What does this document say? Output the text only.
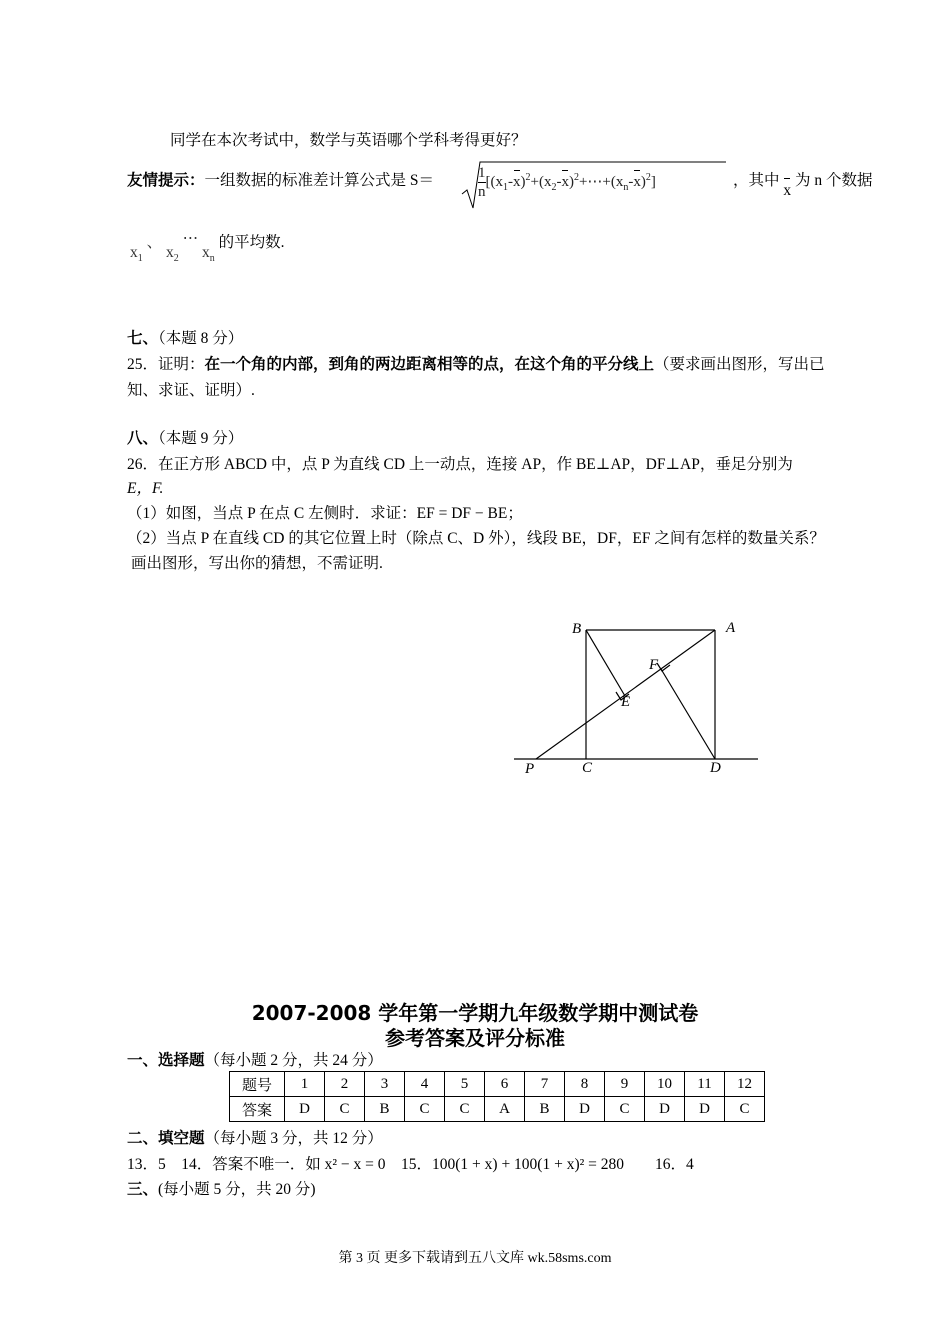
同学在本次考试中，数学与英语哪个学科考得更好？
友情提示：一组数据的标准差计算公式是 S＝	$\frac{1}{n}$ $[(x_1-x)^2+(x_2-x)^2+\cdots+(x_n-x)^2]$	，其中 x 为 n 个数据
$x_1$ 、 $x_2$ ⋯ $x_n$ 的平均数.
七、（本题 8 分）
25．证明：在一个角的内部，到角的两边距离相等的点，在这个角的平分线上（要求画出图形，写出已
知、求证、证明）.
八、（本题 9 分）
26．在正方形 ABCD 中，点 P 为直线 CD 上一动点，连接 AP，作 BE⊥AP，DF⊥AP，垂足分别为
E，F.
（1）如图，当点 P 在点 C 左侧时．求证：EF = DF − BE；
（2）当点 P 在直线 CD 的其它位置上时（除点 C、D 外），线段 BE，DF，EF 之间有怎样的数量关系？
画出图形，写出你的猜想，不需证明.
B	A
F
E
P	C	D
2007-2008 学年第一学期九年级数学期中测试卷
参考答案及评分标准
一、选择题（每小题 2 分，共 24 分）
题号	1	2	3	4	5	6	7	8	9	10	11	12
答案	D	C	B	C	C	A	B	D	C	D	D	C
二、填空题（每小题 3 分，共 12 分）
13．5　14．答案不唯一．如 x² − x = 0　15．100(1 + x) + 100(1 + x)² = 280　　16．4
三、(每小题 5 分，共 20 分)
第 3 页 更多下载请到五八文库 wk.58sms.com
